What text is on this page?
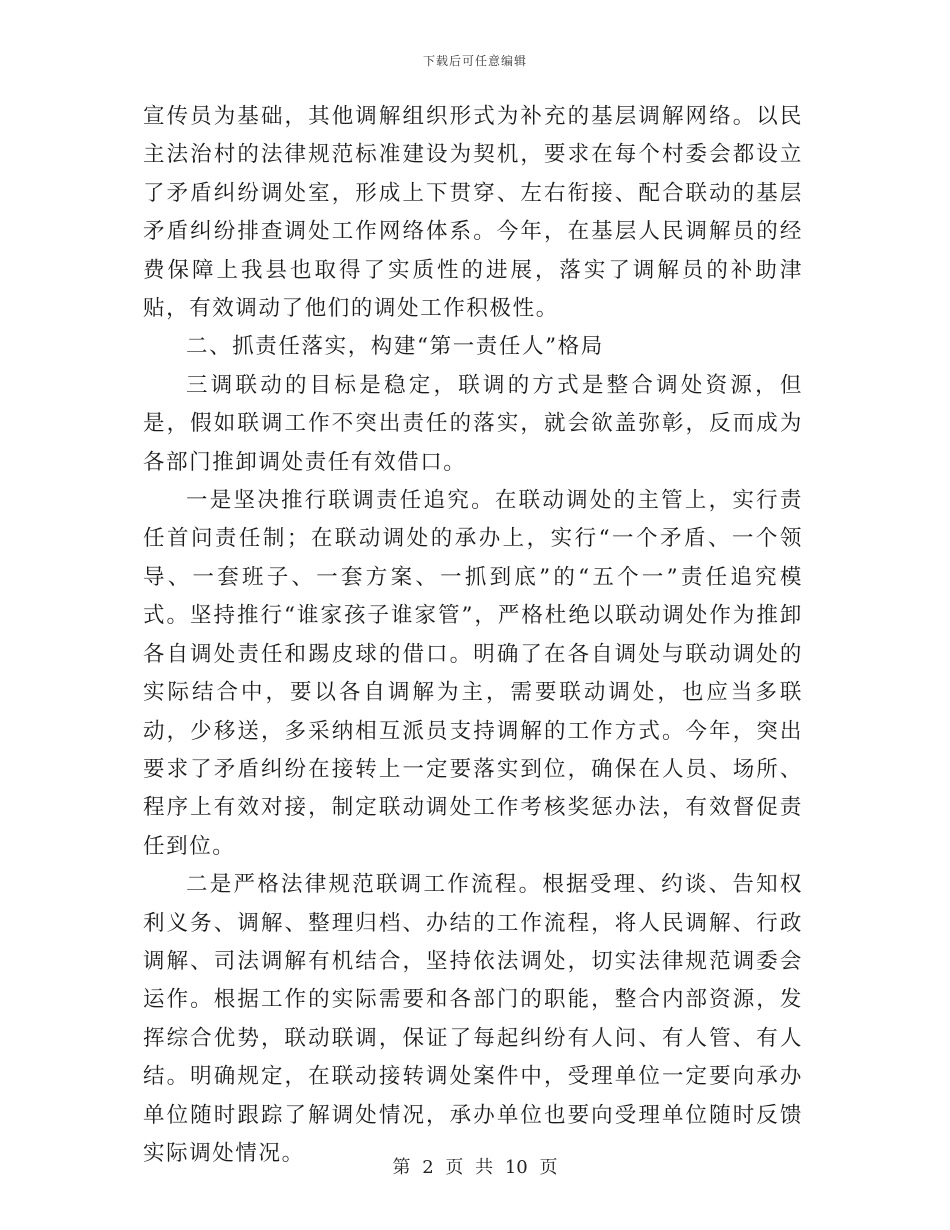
下载后可任意编辑

宣传员为基础，其他调解组织形式为补充的基层调解网络。以民主法治村的法律规范标准建设为契机，要求在每个村委会都设立了矛盾纠纷调处室，形成上下贯穿、左右衔接、配合联动的基层矛盾纠纷排查调处工作网络体系。今年，在基层人民调解员的经费保障上我县也取得了实质性的进展，落实了调解员的补助津贴，有效调动了他们的调处工作积极性。

二、抓责任落实，构建“第一责任人”格局

三调联动的目标是稳定，联调的方式是整合调处资源，但是，假如联调工作不突出责任的落实，就会欲盖弥彰，反而成为各部门推卸调处责任有效借口。

一是坚决推行联调责任追究。在联动调处的主管上，实行责任首问责任制；在联动调处的承办上，实行“一个矛盾、一个领导、一套班子、一套方案、一抓到底”的“五个一”责任追究模式。坚持推行“谁家孩子谁家管”，严格杜绝以联动调处作为推卸各自调处责任和踢皮球的借口。明确了在各自调处与联动调处的实际结合中，要以各自调解为主，需要联动调处，也应当多联动，少移送，多采纳相互派员支持调解的工作方式。今年，突出要求了矛盾纠纷在接转上一定要落实到位，确保在人员、场所、程序上有效对接，制定联动调处工作考核奖惩办法，有效督促责任到位。

二是严格法律规范联调工作流程。根据受理、约谈、告知权利义务、调解、整理归档、办结的工作流程，将人民调解、行政调解、司法调解有机结合，坚持依法调处，切实法律规范调委会运作。根据工作的实际需要和各部门的职能，整合内部资源，发挥综合优势，联动联调，保证了每起纠纷有人问、有人管、有人结。明确规定，在联动接转调处案件中，受理单位一定要向承办单位随时跟踪了解调处情况，承办单位也要向受理单位随时反馈实际调处情况。

第 2 页 共 10 页
